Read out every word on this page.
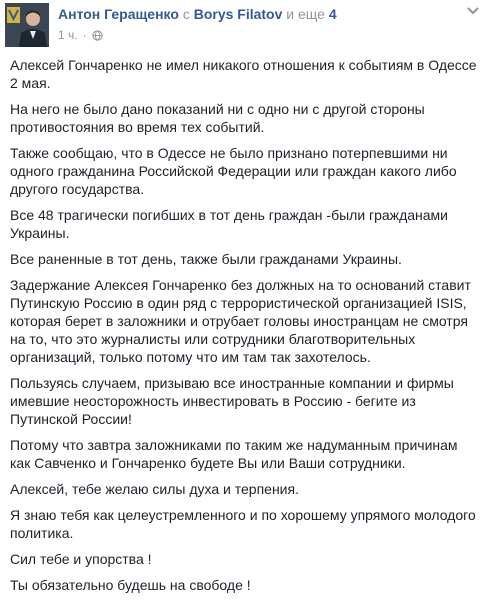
Антон Геращенко с Borys Filatov и еще 4
1 ч. ·

Алексей Гончаренко не имел никакого отношения к событиям в Одессе 2 мая.

На него не было дано показаний ни с одно ни с другой стороны противостояния во время тех событий.

Также сообщаю, что в Одессе не было признано потерпевшими ни одного гражданина Российской Федерации или граждан какого либо другого государства.

Все 48 трагически погибших в тот день граждан -были гражданами Украины.

Все раненные в тот день, также были гражданами Украины.

Задержание Алексея Гончаренко без должных на то оснований ставит Путинскую Россию в один ряд с террористической организацией ISIS, которая берет в заложники и отрубает головы иностранцам не смотря на то, что это журналисты или сотрудники благотворительных организаций, только потому что им там так захотелось.

Пользуясь случаем, призываю все иностранные компании и фирмы имевшие неосторожность инвестировать в Россию - бегите из Путинской России!

Потому что завтра заложниками по таким же надуманным причинам как Савченко и Гончаренко будете Вы или Ваши сотрудники.

Алексей, тебе желаю силы духа и терпения.

Я знаю тебя как целеустремленного и по хорошему упрямого молодого политика.

Сил тебе и упорства !

Ты обязательно будешь на свободе !
